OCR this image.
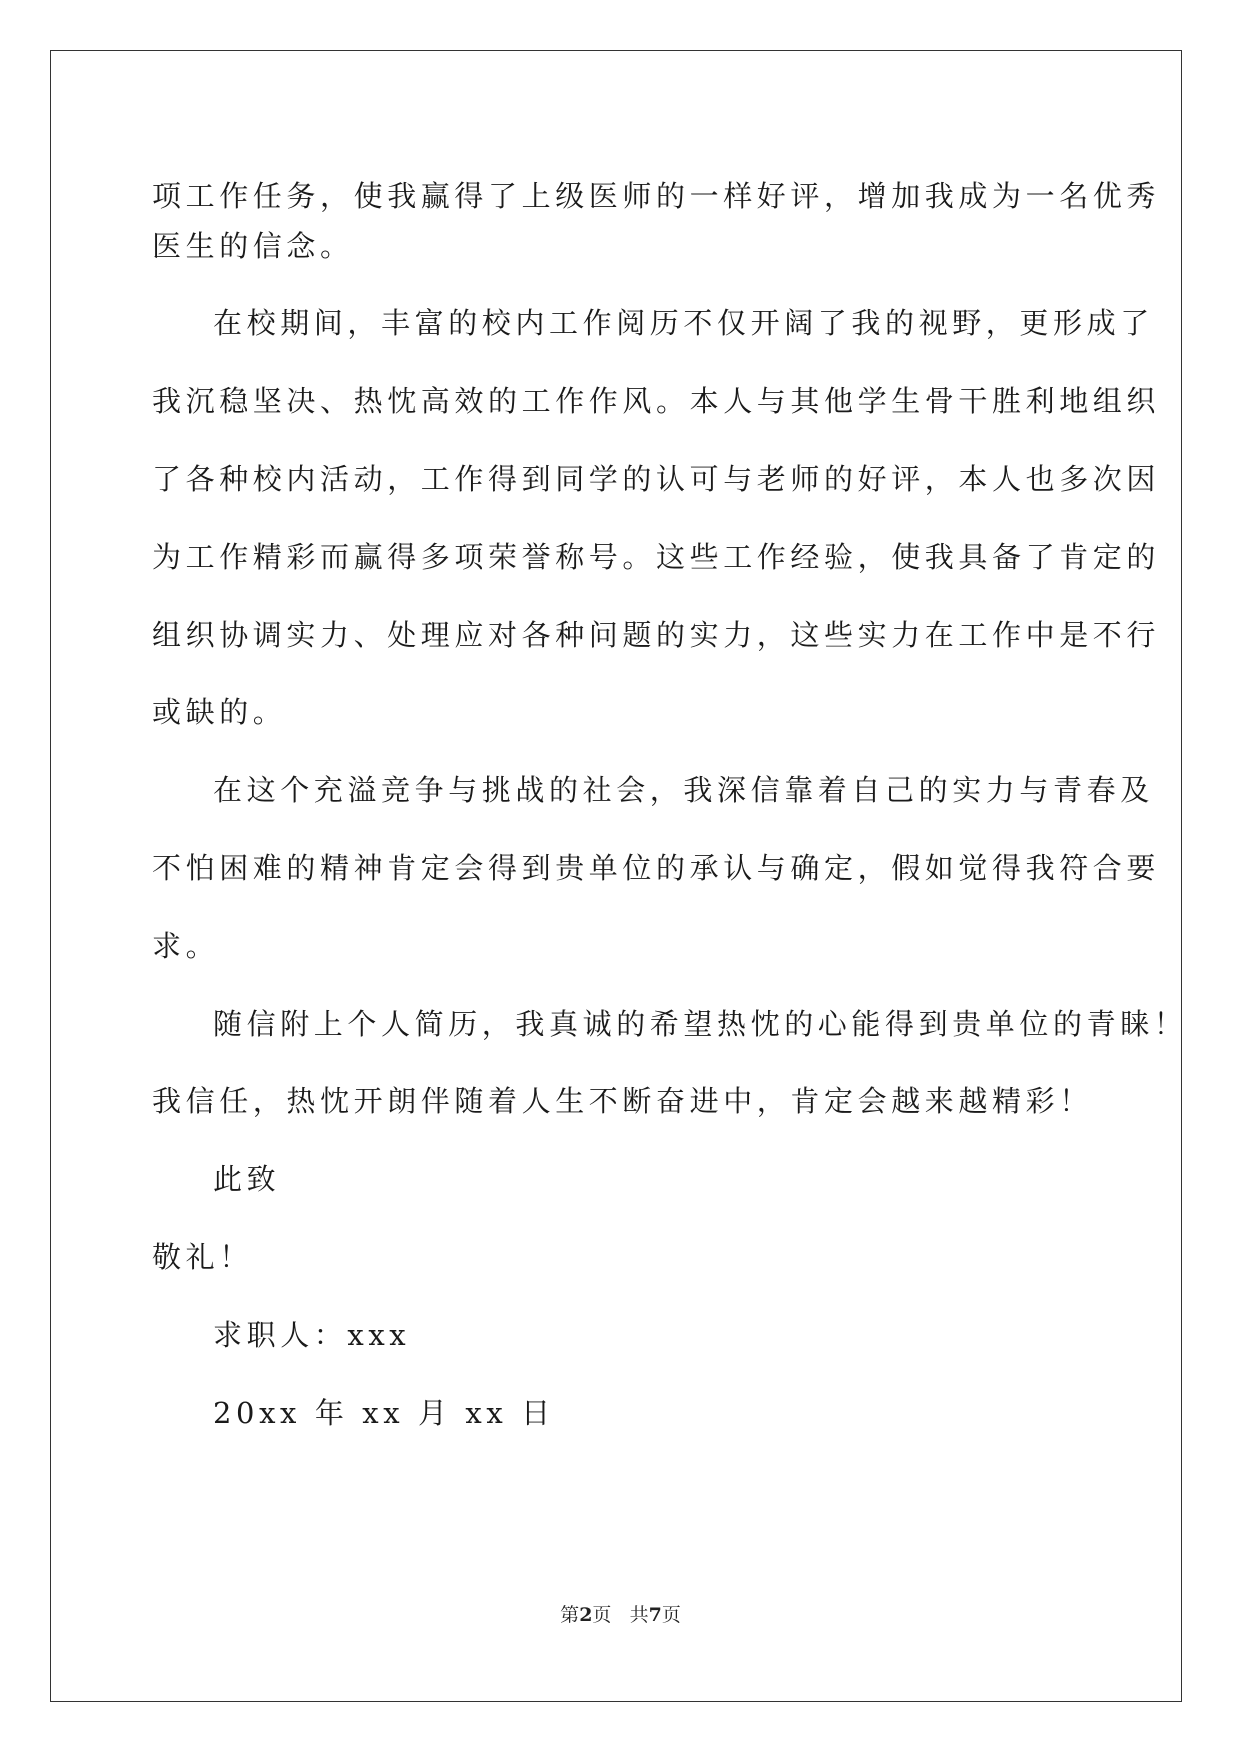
项工作任务，使我赢得了上级医师的一样好评，增加我成为一名优秀
医生的信念。
在校期间，丰富的校内工作阅历不仅开阔了我的视野，更形成了
我沉稳坚决、热忱高效的工作作风。本人与其他学生骨干胜利地组织
了各种校内活动，工作得到同学的认可与老师的好评，本人也多次因
为工作精彩而赢得多项荣誉称号。这些工作经验，使我具备了肯定的
组织协调实力、处理应对各种问题的实力，这些实力在工作中是不行
或缺的。
在这个充溢竞争与挑战的社会，我深信靠着自己的实力与青春及
不怕困难的精神肯定会得到贵单位的承认与确定，假如觉得我符合要
求。
随信附上个人简历，我真诚的希望热忱的心能得到贵单位的青睐！
我信任，热忱开朗伴随着人生不断奋进中，肯定会越来越精彩！
此致
敬礼！
求职人：xxx
20xx 年 xx 月 xx 日
第2页 共7页
